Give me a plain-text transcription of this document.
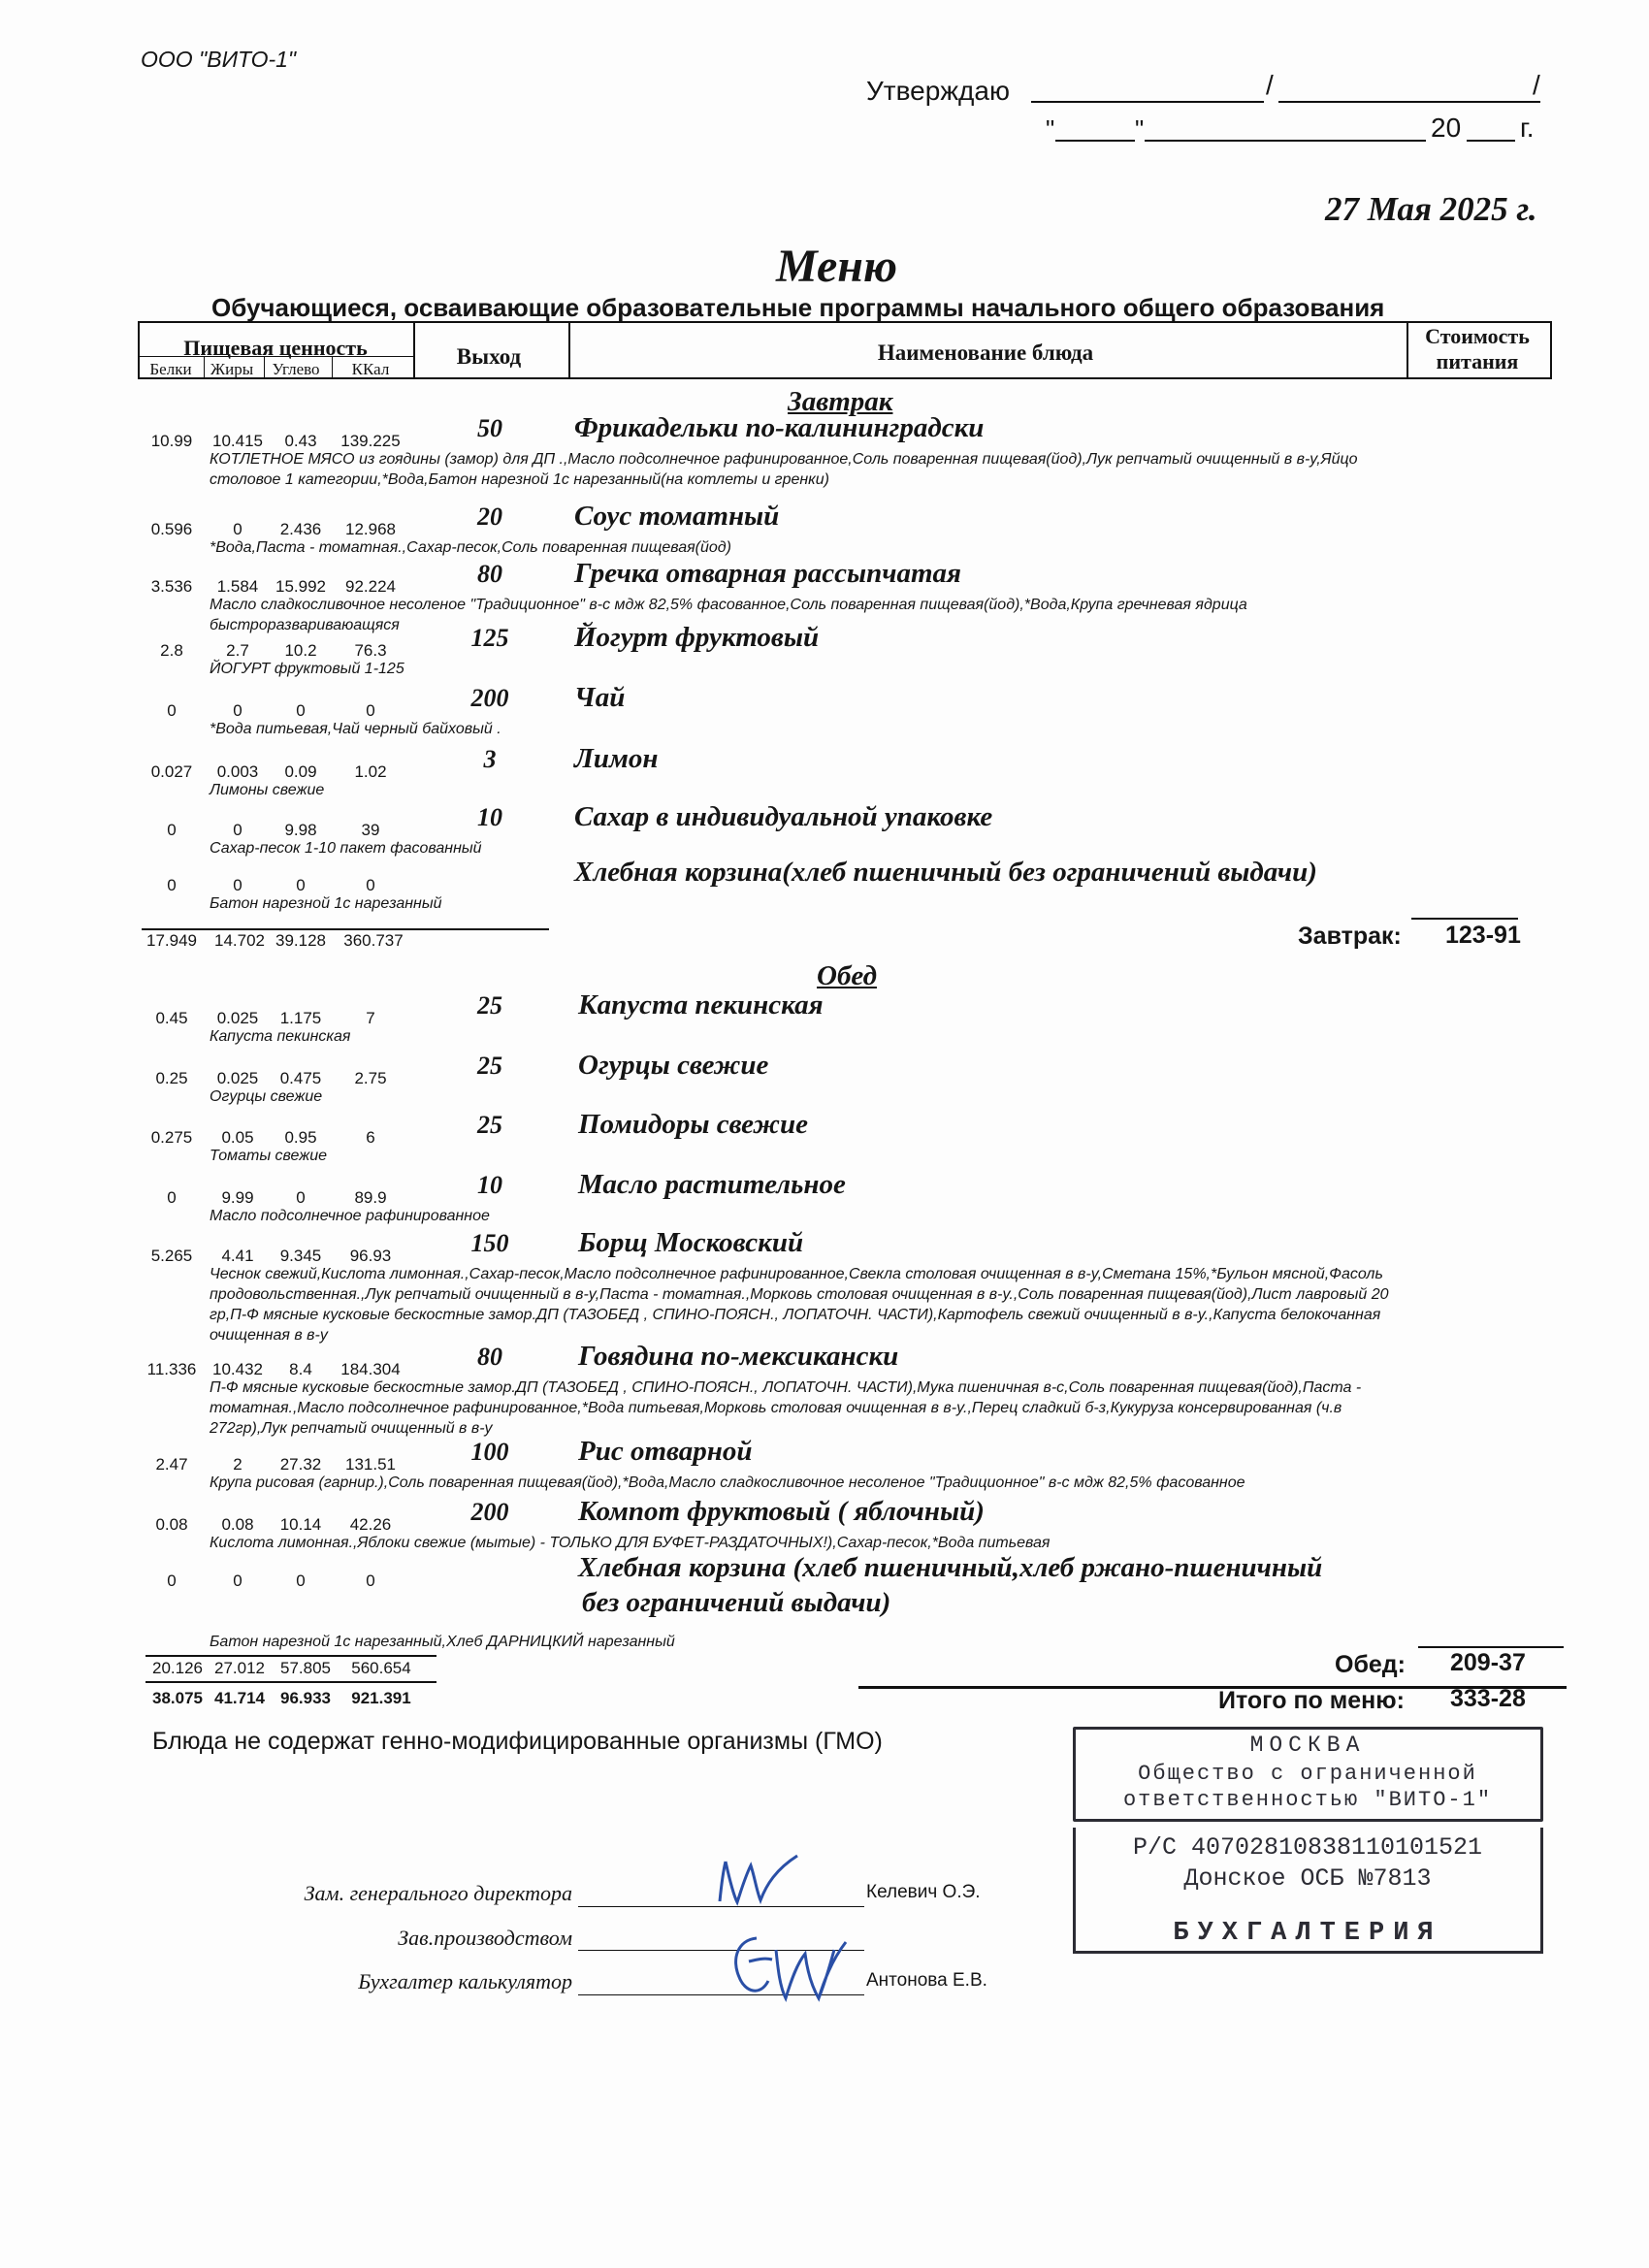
ООО "ВИТО-1"
Утверждаю	/	/
"	"	20 г.
27 Мая 2025 г.
Меню
Обучающиеся, осваивающие образовательные программы начального общего образования
Пищевая ценность
Белки	Жиры	Углево	ККал
Выход	Наименование блюда
Стоимость
питания
Завтрак
10.99	10.415	0.43	139.225	50	Фрикадельки по-калининградски
КОТЛЕТНОЕ МЯСО из гоядины (замор) для ДП .,Масло подсолнечное рафинированное,Соль поваренная пищевая(йод),Лук репчатый очищенный в в-у,Яйцо
столовое 1 категории,*Вода,Батон нарезной 1с нарезанный(на котлеты и гренки)
0.596	0	2.436	12.968	20	Соус томатный
*Вода,Паста - томатная.,Сахар-песок,Соль поваренная пищевая(йод)
3.536	1.584	15.992	92.224	80	Гречка отварная рассыпчатая
Масло сладкосливочное несоленое "Традиционное" в-с мдж 82,5% фасованное,Соль поваренная пищевая(йод),*Вода,Крупа гречневая ядрица
быстроразвариваюащяся
2.8	2.7	10.2	76.3	125	Йогурт фруктовый
ЙОГУРТ фруктовый 1-125
0	0	0	0	200	Чай
*Вода питьевая,Чай черный байховый .
0.027	0.003	0.09	1.02	3	Лимон
Лимоны свежие
0	0	9.98	39	10	Сахар в индивидуальной упаковке
Сахар-песок 1-10 пакет фасованный
0	0	0	0	Хлебная корзина(хлеб пшеничный без ограничений выдачи)
Батон нарезной 1с нарезанный
17.949	14.702 39.128	360.737	Завтрак: 123-91
Обед
0.45	0.025	1.175	7	25	Капуста пекинская
Капуста пекинская
0.25	0.025	0.475	2.75	25	Огурцы свежие
Огурцы свежие
0.275	0.05	0.95	6	25	Помидоры свежие
Томаты свежие
0	9.99	0	89.9	10	Масло растительное
Масло подсолнечное рафинированное
5.265	4.41	9.345	96.93	150	Борщ Московский
Чеснок свежий,Кислота лимонная.,Сахар-песок,Масло подсолнечное рафинированное,Свекла столовая очищенная в в-у,Сметана 15%,*Бульон мясной,Фасоль
продовольственная.,Лук репчатый очищенный в в-у,Паста - томатная.,Морковь столовая очищенная в в-у.,Соль поваренная пищевая(йод),Лист лавровый 20
гр,П-Ф мясные кусковые бескостные замор.ДП (ТАЗОБЕД , СПИНО-ПОЯСН., ЛОПАТОЧН. ЧАСТИ),Картофель свежий очищенный в в-у.,Капуста белокочанная
очищенная в в-у
11.336 10.432	8.4	184.304	80	Говядина по-мексикански
П-Ф мясные кусковые бескостные замор.ДП (ТАЗОБЕД , СПИНО-ПОЯСН., ЛОПАТОЧН. ЧАСТИ),Мука пшеничная в-с,Соль поваренная пищевая(йод),Паста -
томатная.,Масло подсолнечное рафинированное,*Вода питьевая,Морковь столовая очищенная в в-у.,Перец сладкий б-з,Кукуруза консервированная (ч.в
272гр),Лук репчатый очищенный в в-у
2.47	2	27.32	131.51	100	Рис отварной
Крупа рисовая (гарнир.),Соль поваренная пищевая(йод),*Вода,Масло сладкосливочное несоленое "Традиционное" в-с мдж 82,5% фасованное
0.08	0.08	10.14	42.26	200	Компот фруктовый ( яблочный)
Кислота лимонная.,Яблоки свежие (мытые) - ТОЛЬКО ДЛЯ БУФЕТ-РАЗДАТОЧНЫХ!),Сахар-песок,*Вода питьевая
0	0	0	0	Хлебная корзина (хлеб пшеничный,хлеб ржано-пшеничный
без ограничений выдачи)
Батон нарезной 1с нарезанный,Хлеб ДАРНИЦКИЙ нарезанный
20.126 27.012 57.805	560.654
38.075 41.714 96.933	921.391
Обед: 209-37
Итого по меню: 333-28
Блюда не содержат генно-модифицированные организмы (ГМО)
Зам. генерального директора	Келевич О.Э.
Зав.производством
Бухгалтер калькулятор	Антонова Е.В.
МОСКВА
Общество с ограниченной
ответственностью "ВИТО-1"
Р/С 40702810838110101521
Донское ОСБ №7813
БУХГАЛТЕРИЯ
